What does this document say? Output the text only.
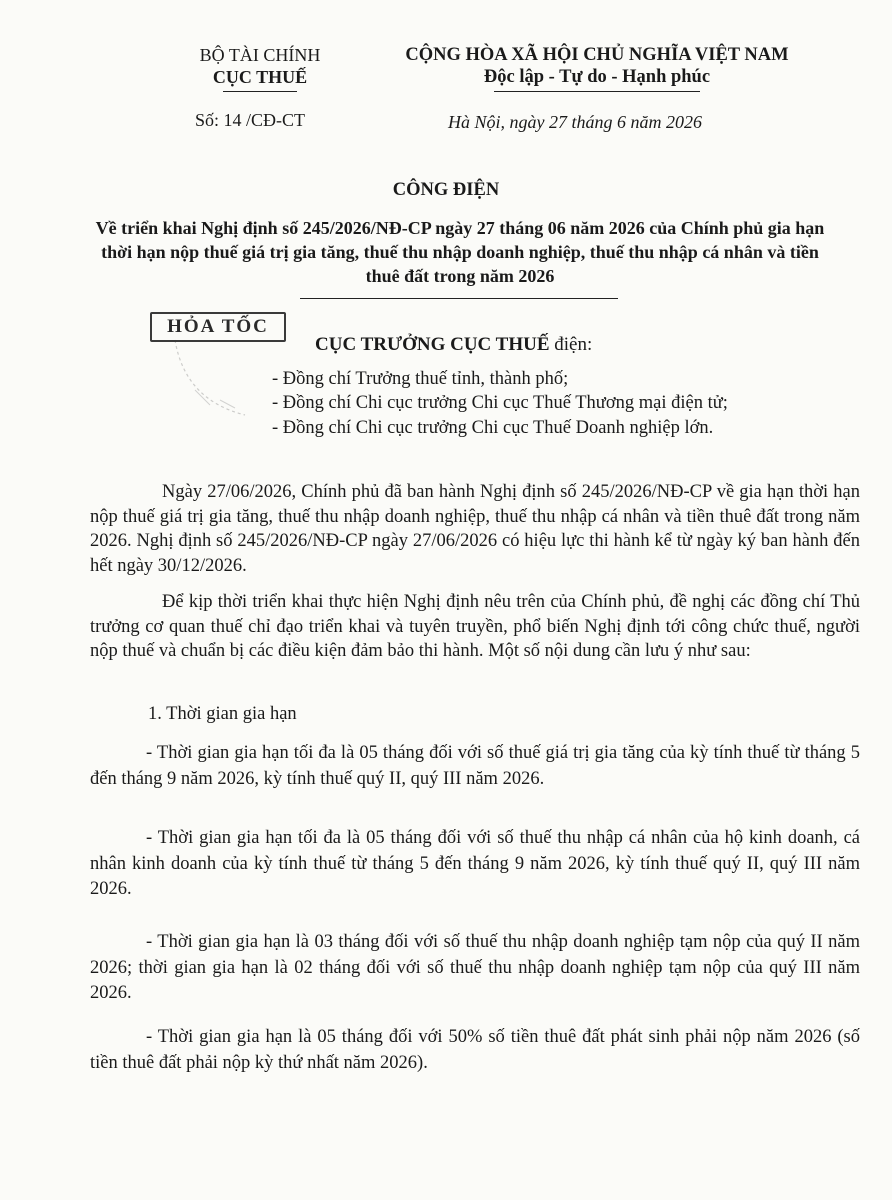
BỘ TÀI CHÍNH
CỤC THUẾ
CỘNG HÒA XÃ HỘI CHỦ NGHĨA VIỆT NAM
Độc lập - Tự do - Hạnh phúc
Số: 14 /CĐ-CT	Hà Nội, ngày 27 tháng 6 năm 2026
CÔNG ĐIỆN
Về triển khai Nghị định số 245/2026/NĐ-CP ngày 27 tháng 06 năm 2026 của Chính phủ gia hạn thời hạn nộp thuế giá trị gia tăng, thuế thu nhập doanh nghiệp, thuế thu nhập cá nhân và tiền thuê đất trong năm 2026
HỎA TỐC
CỤC TRƯỞNG CỤC THUẾ điện:
- Đồng chí Trưởng thuế tỉnh, thành phố;
- Đồng chí Chi cục trưởng Chi cục Thuế Thương mại điện tử;
- Đồng chí Chi cục trưởng Chi cục Thuế Doanh nghiệp lớn.
Ngày 27/06/2026, Chính phủ đã ban hành Nghị định số 245/2026/NĐ-CP về gia hạn thời hạn nộp thuế giá trị gia tăng, thuế thu nhập doanh nghiệp, thuế thu nhập cá nhân và tiền thuê đất trong năm 2026. Nghị định số 245/2026/NĐ-CP ngày 27/06/2026 có hiệu lực thi hành kể từ ngày ký ban hành đến hết ngày 30/12/2026.
Để kịp thời triển khai thực hiện Nghị định nêu trên của Chính phủ, đề nghị các đồng chí Thủ trưởng cơ quan thuế chỉ đạo triển khai và tuyên truyền, phổ biến Nghị định tới công chức thuế, người nộp thuế và chuẩn bị các điều kiện đảm bảo thi hành. Một số nội dung cần lưu ý như sau:
1. Thời gian gia hạn
- Thời gian gia hạn tối đa là 05 tháng đối với số thuế giá trị gia tăng của kỳ tính thuế từ tháng 5 đến tháng 9 năm 2026, kỳ tính thuế quý II, quý III năm 2026.
- Thời gian gia hạn tối đa là 05 tháng đối với số thuế thu nhập cá nhân của hộ kinh doanh, cá nhân kinh doanh của kỳ tính thuế từ tháng 5 đến tháng 9 năm 2026, kỳ tính thuế quý II, quý III năm 2026.
- Thời gian gia hạn là 03 tháng đối với số thuế thu nhập doanh nghiệp tạm nộp của quý II năm 2026; thời gian gia hạn là 02 tháng đối với số thuế thu nhập doanh nghiệp tạm nộp của quý III năm 2026.
- Thời gian gia hạn là 05 tháng đối với 50% số tiền thuê đất phát sinh phải nộp năm 2026 (số tiền thuê đất phải nộp kỳ thứ nhất năm 2026).
